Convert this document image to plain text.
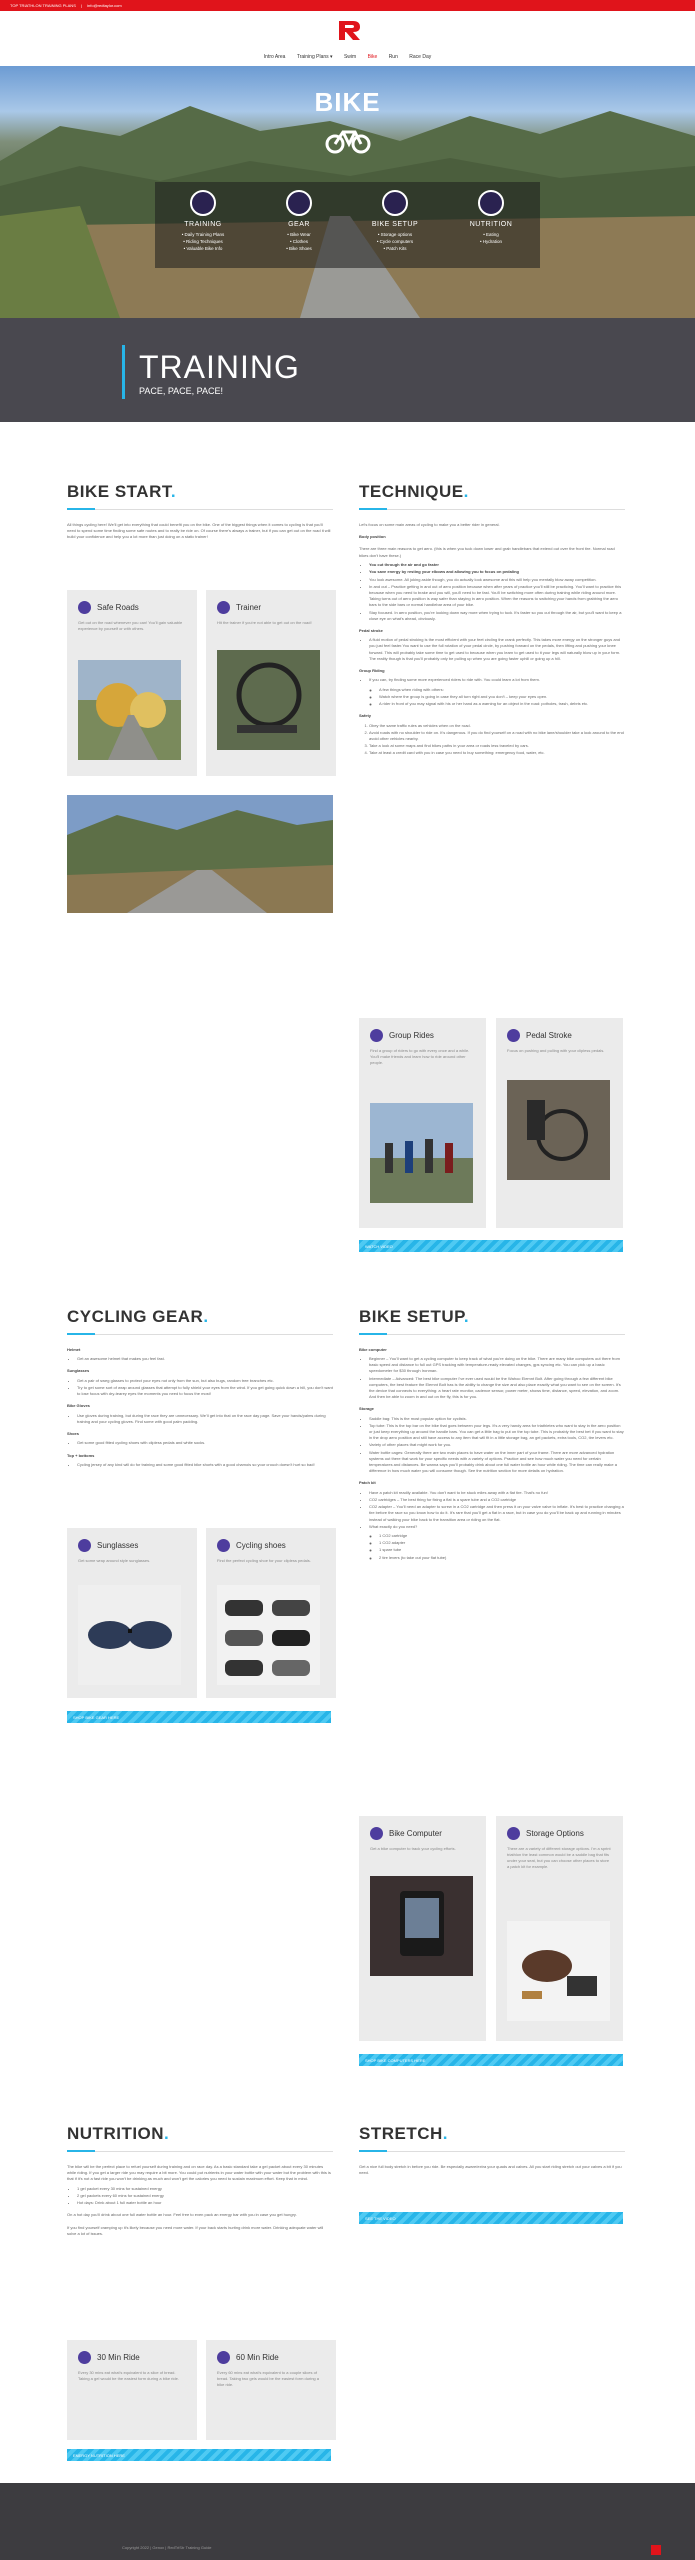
TOP TRIATHLON TRAINING PLANS | info@redtaylor.com
Intro Area Training Plans ▾ Swim Bike Run Race Day
BIKE
TRAINING

• Daily Training Plans

• Riding Techniques

• Valuable Bike Info

GEAR

• Bike Wear

• Clothes

• Bike Shoes

BIKE SETUP

• Storage options

• Cycle computers

• Patch Kits

NUTRITION

• Eating

• Hydration

TRAINING
PACE, PACE, PACE!
BIKE START.

All things cycling here! We'll get into everything that could benefit you on the bike. One of the biggest things when it comes to cycling is that you'll need to spend some time finding some safe routes and to really be ride on. Of course there's always a trainer, but if you can get out on the road it will build your confidence and help you a lot more than just doing on a static trainer!

Safe Roads

Get out on the road whenever you can! You'll gain valuable experience by yourself or with others.

Trainer

Hit the trainer if you're not able to get out on the road!

TECHNIQUE.

Let's focus on some main areas of cycling to make you a better rider in general.

Body position

There are three main reasons to get aero. (this is when you tuck down lower and grab handlebars that extend out over the front tire. Normal road bikes don't have these.)

• You cut through the air and go faster
• You save energy by resting your elbows and allowing you to focus on pedaling
• You look awesome. All joking aside though, you do actually look awesome and this will help you mentally blow away competition.
• In and out – Practice getting in and out of aero position because when after years of practice you'll still be practicing. You'll want to practice this because when you need to brake and you will, you'll need to be fast. You'll be switching more often during training while riding around more. Taking turns out of aero position is way safer than staying in aero position. When the reasons to switching your hands from grabbing the aero bars to the side bars or normal handlebar area of your bike.
• Stay focused. In aero position, you're looking down way more when trying to tuck. It's faster so you cut through the air, but you'll want to keep a close eye on what's ahead, obviously.

Pedal stroke

• A fluid motion of pedal stroking is the most efficient with your feet circling the crank perfectly. This takes more energy on the stronger guys and you just feel faster.You want to use the full rotation of your pedal circle, by pushing forward on the pedals, then lifting and pushing your knee forward. This will probably take some time to get used to because when you learn to get used to it your legs will naturally blow up in your form. The reality though is that you'll probably only be pulling up when you are going faster uphill or going up a hill.

Group Riding

• If you can, try finding some more experienced riders to ride with. You could learn a lot from them.
◦ A few things when riding with others:
◦ Watch where the group is going in case they all turn right and you don't – keep your eyes open.
◦ A rider in front of you may signal with his or her hand as a warning for an object in the road: potholes, trash, debris etc.

Safety

1. Obey the same traffic rules as vehicles when on the road.
2. Avoid roads with no shoulder to ride on. It's dangerous. If you do find yourself on a road with no bike lane/shoulder take a look around to the end avoid other vehicles nearby.
3. Take a look at some maps and find bikes paths in your area or roads less traveled by cars.
4. Take at least a credit card with you in case you need to buy something: emergency food, water, etc.
Group Rides

Find a group of riders to go with every once and a while. You'll make friends and learn how to ride around other people.

Pedal Stroke

Focus on pushing and pulling with your clipless pedals.

WATCH VIDEO
CYCLING GEAR.

Helmet

• Get an awesome helmet that makes you feel fast.

Sunglasses

• Get a pair of sweg glasses to protect your eyes not only from the sun, but also bugs, random tree branches etc.
• Try to get some sort of wrap around glasses that attempt to fully shield your eyes from the wind. If you get going quick down a hill, you don't want to lose focus with dry-tearey eyes the moments you need to focus the most!

Bike Gloves

• Use gloves during training, but during the race they are unnecessary. We'll get into that on the race day page. Save your hands/palms during training and your cycling gloves. Find some with good palm padding.

Shoes

• Get some good fitted cycling shoes with clipless pedals and white socks.

Top + bottoms

• Cycling jersey of any kind will do for training and some good fitted bike shorts with a good chamois so your crouch doesn't hurt so bad!
Sunglasses

Get some wrap around style sunglasses.

Cycling shoes

Find the perfect cycling shoe for your clipless pedals.

SHOP BIKE GEAR HERE
BIKE SETUP.

Bike computer

• Beginner – You'll want to get a cycling computer to keep track of what you're doing on the bike. There are many bike computers out there from basic speed and distance to full out GPS tracking with temperature-ready elevated changes, gps syncing etc. You can pick up a basic speedometer for $30 through Ironman.
• Intermediate – Advanced: The best bike computer I've ever used would be the Wahoo Elemnt Bolt. After going through a few different bike computers, the best feature the Elemnt Bolt has is the ability to change the size and also place exactly what you want to see on the screen. It's the device that connects to everything: a heart rate monitor, cadence sensor, power meter, shows time, distance, speed, elevation, and zoom. And then be able to zoom in and out on the fly, this is for you.

Storage

• Saddle bag: This is the most popular option for cyclists.
• Top tube: This is the top bar on the bike that goes between your legs. It's a very handy area for triathletes who want to stay in the aero position or just keep everything up around the handle bars. You can get a little bag to put on the top tube. This is probably the best bet if you want to stay in the drop aero position and still have access to any item that will fit in a little storage bag, an gel packets, extra tools, CO2, tire levers etc.
• Variety of other places that might work for you.
• Water bottle cages: Generally there are two main places to have water on the inner part of your frame. There are more advanced hydration systems out there that work for your specific needs with a variety of options. Practice and see how much water you need for certain temperatures and distances. Be wanna says you'll probably drink about one full water bottle an hour while riding. The time can really make a difference in how much water you will consume though. See the nutrition section for more details on hydration.

Patch kit

• Have a patch kit readily available. You don't want to be stuck miles away with a flat tire. That's no fun!
• CO2 cartridges – The best thing for fixing a flat is a spare tube and a CO2 cartridge
• CO2 adapter – You'll need an adapter to screw in a CO2 cartridge and then press it on your valve valve to inflate. It's best to practice changing a tire before the race so you know how to do it. It's rare that you'll get a flat in a race, but in case you do you'll be back up and running in minutes instead of walking your bike back to the transition area or riding on the flat.
• What exactly do you need?
◦ 1 CO2 cartridge
◦ 1 CO2 adapter
◦ 1 spare tube
◦ 2 tire levers (to take out your flat tube)
Bike Computer

Get a bike computer to track your cycling efforts.

Storage Options

There are a variety of different storage options. I'm a sprint triathlon the least common would be a saddle bag that fits under your seat, but you can choose other places to store a patch kit for example.

SHOP BIKE COMPUTERS HERE
NUTRITION.

The bike will be the perfect place to refuel yourself during training and on race day. As a basic standard take a gel packet about every 30 minutes while riding. If you get a larger ride you may require a bit more. You could put nutrients in your water bottle with your water but the problem with this is that if it's not a fast ride you won't be drinking as much and won't get the calories you need to sustain maximum effort. Keep that in mind.

• 1 gel packet every 30 mins for sustained energy
• 2 gel packets every 60 mins for sustained energy
• Hot days: Drink about 1 full water bottle an hour

On a hot day you'll drink about one full water bottle an hour. Feel free to even pack an energy bar with you in case you get hungry.

If you find yourself cramping up it's likely because you need more water. If your back starts hurting drink more water. Drinking adequate water will solve a lot of issues.

30 Min Ride

Every 30 mins eat what's equivalent to a slice of bread. Taking a gel would be the easiest form during a bike ride.

60 Min Ride

Every 60 mins eat what's equivalent to a couple slices of bread. Taking two gels would be the easiest form during a bike ride.

ENERGY NUTRITION HERE
STRETCH.

Get a nice full body stretch in before you ride. Be especially aware/extra your quads and calves. All you start riding stretch out your calves a bit if you need.

SEE THE VIDEO
Copyright 2022 | Genox | RedTriStr Training Guide
